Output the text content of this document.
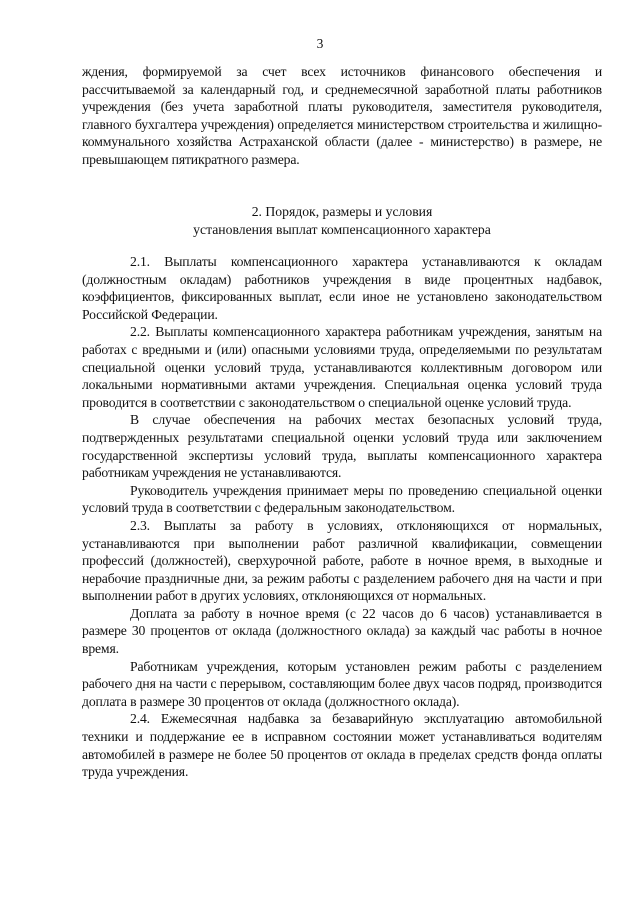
3

ждения, формируемой за счет всех источников финансового обеспечения и рассчитываемой за календарный год, и среднемесячной заработной платы работников учреждения (без учета заработной платы руководителя, заместителя руководителя, главного бухгалтера учреждения) определяется министерством строительства и жилищно-коммунального хозяйства Астраханской области (далее - министерство) в размере, не превышающем пятикратного размера.

2. Порядок, размеры и условия
установления выплат компенсационного характера

2.1. Выплаты компенсационного характера устанавливаются к окладам (должностным окладам) работников учреждения в виде процентных надбавок, коэффициентов, фиксированных выплат, если иное не установлено законодательством Российской Федерации.

2.2. Выплаты компенсационного характера работникам учреждения, занятым на работах с вредными и (или) опасными условиями труда, определяемыми по результатам специальной оценки условий труда, устанавливаются коллективным договором или локальными нормативными актами учреждения. Специальная оценка условий труда проводится в соответствии с законодательством о специальной оценке условий труда.

В случае обеспечения на рабочих местах безопасных условий труда, подтвержденных результатами специальной оценки условий труда или заключением государственной экспертизы условий труда, выплаты компенсационного характера работникам учреждения не устанавливаются.

Руководитель учреждения принимает меры по проведению специальной оценки условий труда в соответствии с федеральным законодательством.

2.3. Выплаты за работу в условиях, отклоняющихся от нормальных, устанавливаются при выполнении работ различной квалификации, совмещении профессий (должностей), сверхурочной работе, работе в ночное время, в выходные и нерабочие праздничные дни, за режим работы с разделением рабочего дня на части и при выполнении работ в других условиях, отклоняющихся от нормальных.

Доплата за работу в ночное время (с 22 часов до 6 часов) устанавливается в размере 30 процентов от оклада (должностного оклада) за каждый час работы в ночное время.

Работникам учреждения, которым установлен режим работы с разделением рабочего дня на части с перерывом, составляющим более двух часов подряд, производится доплата в размере 30 процентов от оклада (должностного оклада).

2.4. Ежемесячная надбавка за безаварийную эксплуатацию автомобильной техники и поддержание ее в исправном состоянии может устанавливаться водителям автомобилей в размере не более 50 процентов от оклада в пределах средств фонда оплаты труда учреждения.
